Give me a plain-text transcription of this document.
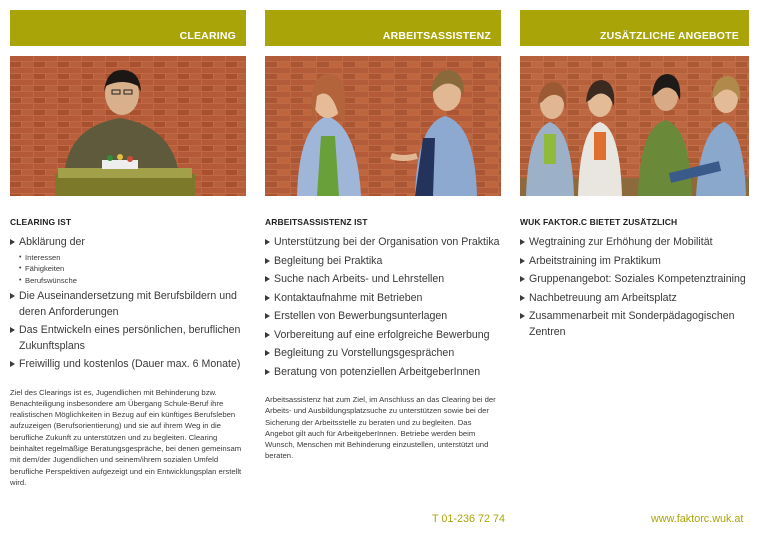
CLEARING
CLEARING IST
Abklärung der
• Interessen
• Fähigkeiten
• Berufswünsche
Die Auseinandersetzung mit Berufsbildern und deren Anforderungen
Das Entwickeln eines persönlichen, beruflichen Zukunftsplans
Freiwillig und kostenlos (Dauer max. 6 Monate)
Ziel des Clearings ist es, Jugendlichen mit Behinderung bzw. Benachteiligung insbesondere am Übergang Schule-Beruf ihre realistischen Möglichkeiten in Bezug auf ein künftiges Berufsleben aufzuzeigen (Berufsorientierung) und sie auf ihrem Weg in die berufliche Zukunft zu unterstützen und zu begleiten. Clearing beinhaltet regelmäßige Beratungsgespräche, bei denen gemeinsam mit dem/der Jugendlichen und seinem/ihrem sozialen Umfeld berufliche Perspektiven aufgezeigt und ein Entwicklungsplan erstellt wird.
ARBEITSASSISTENZ
ARBEITSASSISTENZ IST
Unterstützung bei der Organisation von Praktika
Begleitung bei Praktika
Suche nach Arbeits- und Lehrstellen
Kontaktaufnahme mit Betrieben
Erstellen von Bewerbungsunterlagen
Vorbereitung auf eine erfolgreiche Bewerbung
Begleitung zu Vorstellungsgesprächen
Beratung von potenziellen ArbeitgeberInnen
Arbeitsassistenz hat zum Ziel, im Anschluss an das Clearing bei der Arbeits- und Ausbildungsplatzsuche zu unterstützen sowie bei der Sicherung der Arbeitsstelle zu beraten und zu begleiten. Das Angebot gilt auch für ArbeitgeberInnen. Betriebe werden beim Wunsch, Menschen mit Behinderung einzustellen, unterstützt und beraten.
ZUSÄTZLICHE ANGEBOTE
WUK FAKTOR.C BIETET ZUSÄTZLICH
Wegtraining zur Erhöhung der Mobilität
Arbeitstraining im Praktikum
Gruppenangebot: Soziales Kompetenztraining
Nachbetreuung am Arbeitsplatz
Zusammenarbeit mit Sonderpädagogischen Zentren
T 01-236 72 74	www.faktorc.wuk.at
